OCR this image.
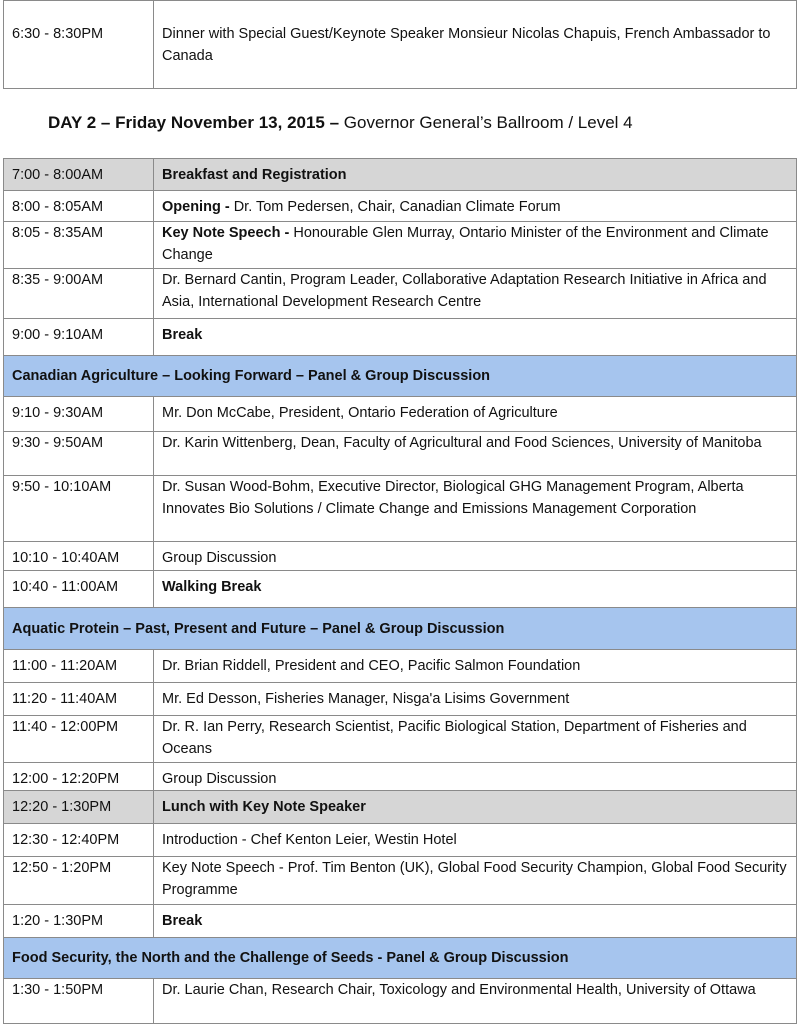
6:30 - 8:30PM	Dinner with Special Guest/Keynote Speaker Monsieur Nicolas Chapuis, French Ambassador to Canada
DAY 2 – Friday November 13, 2015 – Governor General’s Ballroom / Level 4
7:00 - 8:00AM	Breakfast and Registration
8:00 - 8:05AM	Opening - Dr. Tom Pedersen, Chair, Canadian Climate Forum
8:05 - 8:35AM	Key Note Speech - Honourable Glen Murray, Ontario Minister of the Environment and Climate Change
8:35 - 9:00AM	Dr. Bernard Cantin, Program Leader, Collaborative Adaptation Research Initiative in Africa and Asia, International Development Research Centre
9:00 - 9:10AM	Break
Canadian Agriculture – Looking Forward – Panel & Group Discussion	
9:10 - 9:30AM	Mr. Don McCabe, President, Ontario Federation of Agriculture
9:30 - 9:50AM	Dr. Karin Wittenberg, Dean, Faculty of Agricultural and Food Sciences, University of Manitoba
9:50 - 10:10AM	Dr. Susan Wood-Bohm, Executive Director, Biological GHG Management Program, Alberta Innovates Bio Solutions / Climate Change and Emissions Management Corporation
10:10 - 10:40AM	Group Discussion
10:40 - 11:00AM	Walking Break
Aquatic Protein – Past, Present and Future – Panel & Group Discussion	
11:00 - 11:20AM	Dr. Brian Riddell, President and CEO, Pacific Salmon Foundation
11:20 - 11:40AM	Mr. Ed Desson, Fisheries Manager, Nisga'a Lisims Government
11:40 - 12:00PM	Dr. R. Ian Perry, Research Scientist, Pacific Biological Station, Department of Fisheries and Oceans
12:00 - 12:20PM	Group Discussion
12:20 - 1:30PM	Lunch with Key Note Speaker
12:30 - 12:40PM	Introduction - Chef Kenton Leier, Westin Hotel
12:50 - 1:20PM	Key Note Speech - Prof. Tim Benton (UK), Global Food Security Champion, Global Food Security Programme
1:20 - 1:30PM	Break
Food Security, the North and the Challenge of Seeds - Panel & Group Discussion	
1:30 - 1:50PM	Dr. Laurie Chan, Research Chair, Toxicology and Environmental Health, University of Ottawa
